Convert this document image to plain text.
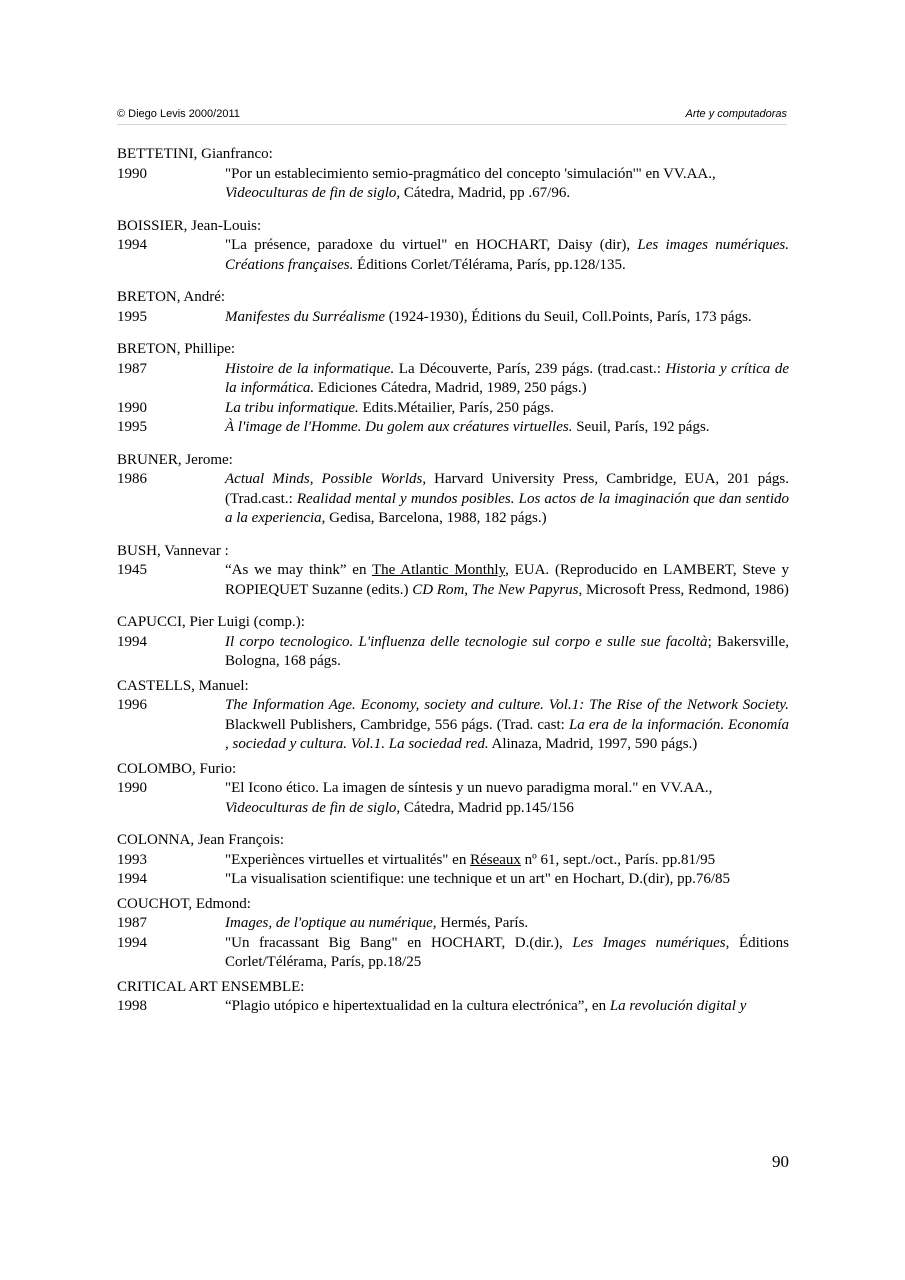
© Diego Levis 2000/2011	Arte y computadoras
BETTETINI, Gianfranco:
1990	"Por un establecimiento semio-pragmático del concepto 'simulación'" en VV.AA., Videoculturas de fin de siglo, Cátedra, Madrid, pp .67/96.
BOISSIER, Jean-Louis:
1994	"La présence, paradoxe du virtuel" en HOCHART, Daisy (dir), Les images numériques. Créations françaises. Éditions Corlet/Télérama, París, pp.128/135.
BRETON, André:
1995	Manifestes du Surréalisme (1924-1930), Éditions du Seuil, Coll.Points, París, 173 págs.
BRETON, Phillipe:
1987	Histoire de la informatique. La Découverte, París, 239 págs. (trad.cast.: Historia y crítica de la informática. Ediciones Cátedra, Madrid, 1989, 250 págs.)
1990	La tribu informatique. Edits.Métailier, París, 250 págs.
1995	À l'image de l'Homme. Du golem aux créatures virtuelles. Seuil, París, 192 págs.
BRUNER, Jerome:
1986	Actual Minds, Possible Worlds, Harvard University Press, Cambridge, EUA, 201 págs. (Trad.cast.: Realidad mental y mundos posibles. Los actos de la imaginación que dan sentido a la experiencia, Gedisa, Barcelona, 1988, 182 págs.)
BUSH, Vannevar :
1945	“As we may think” en The Atlantic Monthly, EUA. (Reproducido en LAMBERT, Steve y ROPIEQUET Suzanne (edits.) CD Rom, The New Papyrus, Microsoft Press, Redmond, 1986)
CAPUCCI, Pier Luigi (comp.):
1994	Il corpo tecnologico. L'influenza delle tecnologie sul corpo e sulle sue facoltà; Bakersville, Bologna, 168 págs.
CASTELLS, Manuel:
1996	The Information Age. Economy, society and culture. Vol.1: The Rise of the Network Society. Blackwell Publishers, Cambridge, 556 págs. (Trad. cast: La era de la información. Economía , sociedad y cultura. Vol.1. La sociedad red. Alinaza, Madrid, 1997, 590 págs.)
COLOMBO, Furio:
1990	"El Icono ético. La imagen de síntesis y un nuevo paradigma moral." en VV.AA., Videoculturas de fin de siglo, Cátedra, Madrid pp.145/156
COLONNA, Jean François:
1993	"Experiènces virtuelles et virtualités" en Réseaux nº 61, sept./oct., París. pp.81/95
1994	"La visualisation scientifique: une technique et un art" en Hochart, D.(dir), pp.76/85
COUCHOT, Edmond:
1987	Images, de l'optique au numérique, Hermés, París.
1994	"Un fracassant Big Bang" en HOCHART, D.(dir.), Les Images numériques, Éditions Corlet/Télérama, París, pp.18/25
CRITICAL ART ENSEMBLE:
1998	“Plagio utópico e hipertextualidad en la cultura electrónica”, en La revolución digital y
90
